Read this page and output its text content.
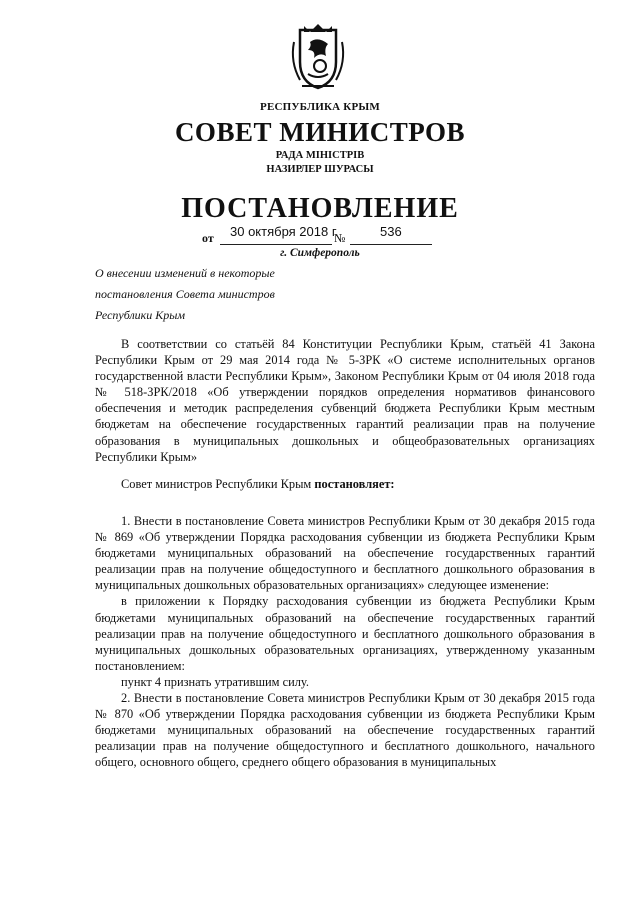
РЕСПУБЛИКА КРЫМ
СОВЕТ МИНИСТРОВ
РАДА МІНІСТРІВ
НАЗИРЛЕР ШУРАСЫ
ПОСТАНОВЛЕНИЕ
от 30 октября 2018 г.
№	536
г. Симферополь
О внесении изменений в некоторые
постановления Совета министров
Республики Крым

В соответствии со статьёй 84 Конституции Республики Крым, статьёй 41 Закона Республики Крым от 29 мая 2014 года № 5-ЗРК «О системе исполнительных органов государственной власти Республики Крым», Законом Республики Крым от 04 июля 2018 года № 518-ЗРК/2018 «Об утверждении порядков определения нормативов финансового обеспечения и методик распределения субвенций бюджета Республики Крым местным бюджетам на обеспечение государственных гарантий реализации прав на получение образования в муниципальных дошкольных и общеобразовательных организациях Республики Крым»

Совет министров Республики Крым постановляет:

1. Внести в постановление Совета министров Республики Крым от 30 декабря 2015 года № 869 «Об утверждении Порядка расходования субвенции из бюджета Республики Крым бюджетами муниципальных образований на обеспечение государственных гарантий реализации прав на получение общедоступного и бесплатного дошкольного образования в муниципальных дошкольных образовательных организациях» следующее изменение:

в приложении к Порядку расходования субвенции из бюджета Республики Крым бюджетами муниципальных образований на обеспечение государственных гарантий реализации прав на получение общедоступного и бесплатного дошкольного образования в муниципальных дошкольных образовательных организациях, утвержденному указанным постановлением:

пункт 4 признать утратившим силу.

2. Внести в постановление Совета министров Республики Крым от 30 декабря 2015 года № 870 «Об утверждении Порядка расходования субвенции из бюджета Республики Крым бюджетами муниципальных образований на обеспечение государственных гарантий реализации прав на получение общедоступного и бесплатного дошкольного, начального общего, основного общего, среднего общего образования в муниципальных
